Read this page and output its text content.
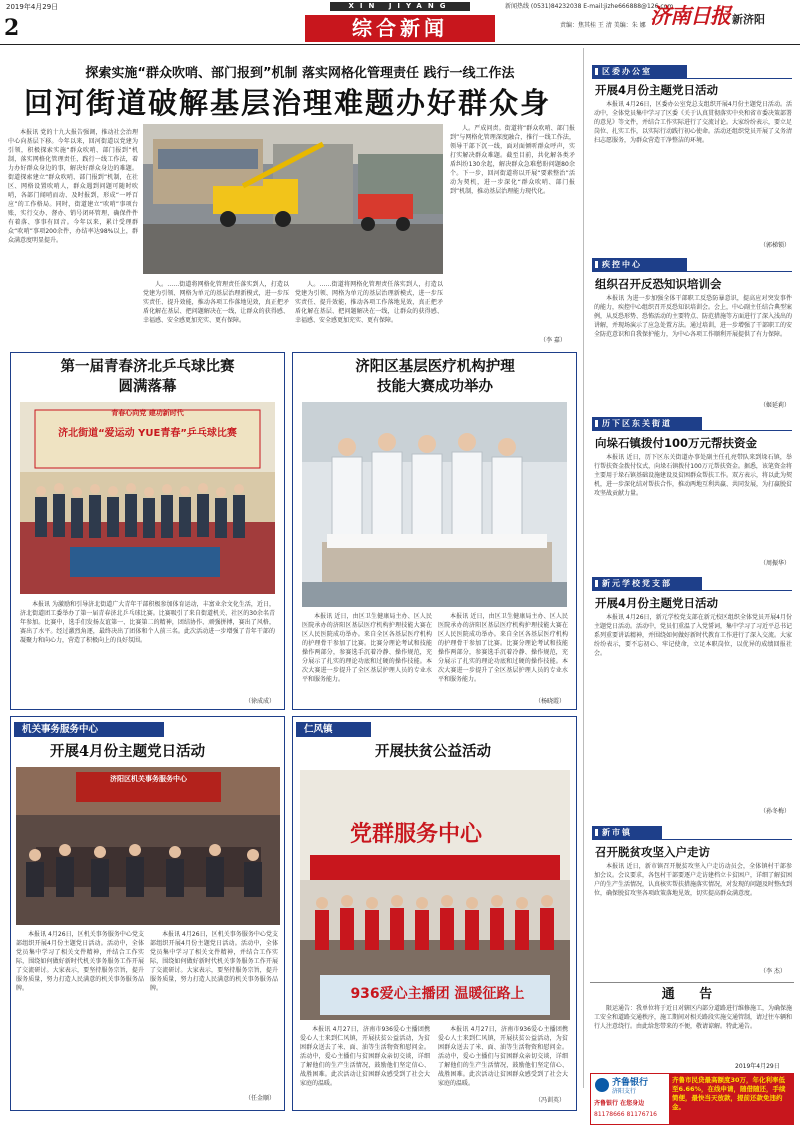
2019年4月29日
2
XIN JIYANG
综合新闻
新闻热线 (0531)84232038 E-mail:jizhe666888@126.com
责编：焦其桂 王 清 美编：朱 娜 济南日报 新济阳
探索实施“群众吹哨、部门报到”机制 落实网格化管理责任 践行一线工作法
回河街道破解基层治理难题办好群众身

本报讯 党的十九大报告强调，推动社会治理中心向基层下移。今年以来，回河街道以党建为引领，积极探索实施“群众吹哨、部门报到”机制，落实网格化管理责任，践行一线工作法，着力办好群众身边的事，解决好群众身边的难题。街道探索建立“群众吹哨、部门报到”机制，在社区、网格设置吹哨人，群众遇到问题可随时吹哨，各部门闻哨而动、及时报到，形成“一呼百应”的工作格局。同时，街道建立“吹哨”事项台账，实行交办、督办、销号闭环管理，确保件件有着落、事事有回音。今年以来，累计受理群众“吹哨”事项200余件，办结率达98%以上，群众满意度明显提升。

人。……街道将网格化管理责任落实到人，打造以党建为引领、网格为单元的基层治理新模式，进一步压实责任、提升效能，推动各项工作落地见效，真正把矛盾化解在基层、把问题解决在一线，让群众的获得感、幸福感、安全感更加充实、更有保障。

人。……街道将网格化管理责任落实到人，打造以党建为引领、网格为单元的基层治理新模式，进一步压实责任、提升效能，推动各项工作落地见效，真正把矛盾化解在基层、把问题解决在一线，让群众的获得感、幸福感、安全感更加充实、更有保障。

人。严成问责。街道将“群众吹哨、部门报到”与网格化管理深度融合，推行一线工作法，领导干部下沉一线，面对面倾听群众呼声，实打实解决群众难题。截至目前，共化解各类矛盾纠纷130余起，解决群众急难愁盼问题80余个。下一步，回河街道将以开展“要素整治”活动为契机，进一步深化“群众吹哨、部门报到”机制，推动基层治理能力现代化。

（李 嘉）
区委办公室
开展4月份主题党日活动

本报讯 4月26日，区委办公室党总支组织开展4月份主题党日活动。活动中，全体党员集中学习了区委《关于认真贯彻落实中央和省市委决策部署的意见》等文件，并结合工作实际进行了交流讨论。大家纷纷表示，要立足岗位、扎实工作，以实际行动践行初心使命。活动还组织党员开展了义务清扫志愿服务，为群众营造干净整洁的环境。

（郭梯锁）
疾控中心
组织召开反恐知识培训会

本报讯 为进一步加强全体干部职工反恐防暴意识，提高应对突发事件的能力，疾控中心组织召开反恐知识培训会。会上，中心副主任结合典型案例，从反恐形势、恐怖活动的主要特点、防范措施等方面进行了深入浅出的讲解，并现场演示了应急处置方法。通过培训，进一步增强了干部职工的安全防范意识和自我保护能力，为中心各项工作顺利开展提供了有力保障。

（姬延莉）
历下区东关街道
向垛石镇拨付100万元帮扶资金

本报讯 近日，历下区东关街道办事处副主任孔亮带队来到垛石镇，举行帮扶资金拨付仪式，向垛石镇拨付100万元帮扶资金。据悉，该笔资金将主要用于垛石镇基础设施建设及贫困群众帮扶工作。双方表示，将以此为契机，进一步深化结对帮扶合作，推动两地互利共赢、共同发展，为打赢脱贫攻坚战贡献力量。

（周振华）
新元学校党支部
开展4月份主题党日活动

本报讯 4月26日，新元学校党支部在新元校区组织全体党员开展4月份主题党日活动。活动中，党员们重温了入党誓词，集中学习了习近平总书记系列重要讲话精神，并围绕如何做好新时代教育工作进行了深入交流。大家纷纷表示，要不忘初心、牢记使命，立足本职岗位，以优异的成绩回报社会。

（孙冬梅）
新市镇
召开脱贫攻坚入户走访

本报讯 近日，新市镇召开脱贫攻坚入户走访动员会，全体镇村干部参加会议。会议要求，各包村干部要逐户走访建档立卡贫困户，详细了解贫困户的生产生活情况，认真核实帮扶措施落实情况，对发现的问题及时整改到位，确保脱贫攻坚各项政策落地见效，切实提高群众满意度。

（李 杰）
第一届青春济北乒乓球比赛
圆满落幕
青春心向党 建功新时代
济北街道“爱运动 YUE青春”乒乓球比赛

本报讯 为激励和引导济北街道广大青年干部积极参加体育运动，丰富业余文化生活，近日，济北街道团工委举办了第一届青春济北乒乓球比赛。比赛吸引了来自街道机关、社区的30余名青年参加。比赛中，选手们发扬友谊第一、比赛第二的精神，团结协作、顽强拼搏，赛出了风格，赛出了水平。经过激烈角逐，最终决出了团体和个人前三名。此次活动进一步增强了青年干部的凝聚力和向心力，营造了积极向上的良好氛围。

（徐成成）
济阳区基层医疗机构护理
技能大赛成功举办

本报讯 近日，由区卫生健康局主办、区人民医院承办的济阳区基层医疗机构护理技能大赛在区人民医院成功举办。来自全区各基层医疗机构的护理骨干参加了比赛。比赛分理论考试和技能操作两部分，参赛选手沉着冷静、操作规范，充分展示了扎实的理论功底和过硬的操作技能。本次大赛进一步提升了全区基层护理人员的专业水平和服务能力。

本报讯 近日，由区卫生健康局主办、区人民医院承办的济阳区基层医疗机构护理技能大赛在区人民医院成功举办。来自全区各基层医疗机构的护理骨干参加了比赛。比赛分理论考试和技能操作两部分，参赛选手沉着冷静、操作规范，充分展示了扎实的理论功底和过硬的操作技能。本次大赛进一步提升了全区基层护理人员的专业水平和服务能力。

（杨晓霞）
机关事务服务中心
开展4月份主题党日活动
济阳区机关事务服务中心

本报讯 4月26日，区机关事务服务中心党支部组织开展4月份主题党日活动。活动中，全体党员集中学习了相关文件精神，并结合工作实际，围绕如何做好新时代机关事务服务工作开展了交流研讨。大家表示，要坚持服务宗旨，提升服务质量，努力打造人民满意的机关事务服务品牌。

本报讯 4月26日，区机关事务服务中心党支部组织开展4月份主题党日活动。活动中，全体党员集中学习了相关文件精神，并结合工作实际，围绕如何做好新时代机关事务服务工作开展了交流研讨。大家表示，要坚持服务宗旨，提升服务质量，努力打造人民满意的机关事务服务品牌。

（任金顺）
仁风镇
开展扶贫公益活动
党群服务中心
936爱心主播团 温暖征路上

本报讯 4月27日，济南市936爱心主播团携爱心人士来到仁风镇，开展扶贫公益活动，为贫困群众送去了米、面、油等生活物资和慰问金。活动中，爱心主播们与贫困群众亲切交谈，详细了解他们的生产生活情况，鼓励他们坚定信心、战胜困难。此次活动让贫困群众感受到了社会大家庭的温暖。

本报讯 4月27日，济南市936爱心主播团携爱心人士来到仁风镇，开展扶贫公益活动，为贫困群众送去了米、面、油等生活物资和慰问金。活动中，爱心主播们与贫困群众亲切交谈，详细了解他们的生产生活情况，鼓励他们坚定信心、战胜困难。此次活动让贫困群众感受到了社会大家庭的温暖。

（冯训英）
通 告

限运通告：我单位将于近日对辖区内部分道路进行维修施工，为确保施工安全和道路交通秩序，施工期间对相关路段实施交通管制，请过往车辆和行人注意绕行。由此给您带来的不便，敬请谅解。特此通告。

2019年4月29日
齐鲁银行
济阳支行
齐鲁银行 在您身边
81178666 81176716
齐鲁市民贷最高额度30万，年化利率低至6.66%，在线申请，随借随还，手续简便，最快当天放款，提前还款免违约金。
